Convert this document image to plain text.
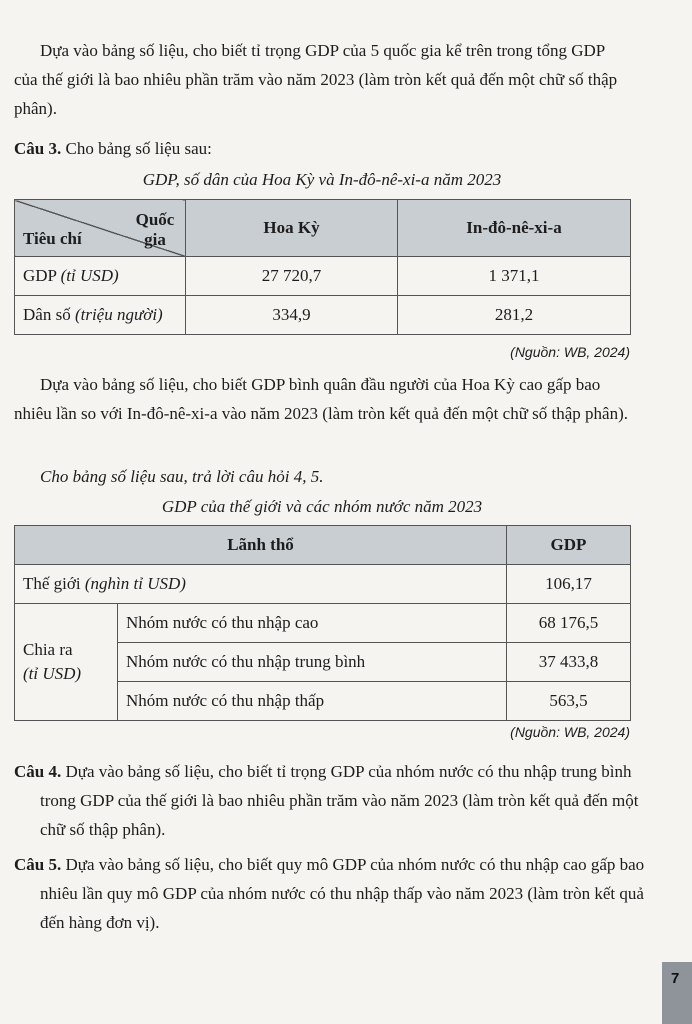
Dựa vào bảng số liệu, cho biết tỉ trọng GDP của 5 quốc gia kể trên trong tổng GDP của thế giới là bao nhiêu phần trăm vào năm 2023 (làm tròn kết quả đến một chữ số thập phân).

Câu 3. Cho bảng số liệu sau:

GDP, số dân của Hoa Kỳ và In-đô-nê-xi-a năm 2023
Quốc gia
Tiêu chí	Hoa Kỳ	In-đô-nê-xi-a
GDP (tỉ USD)	27 720,7	1 371,1
Dân số (triệu người)	334,9	281,2
(Nguồn: WB, 2024)

Dựa vào bảng số liệu, cho biết GDP bình quân đầu người của Hoa Kỳ cao gấp bao nhiêu lần so với In-đô-nê-xi-a vào năm 2023 (làm tròn kết quả đến một chữ số thập phân).

Cho bảng số liệu sau, trả lời câu hỏi 4, 5.

GDP của thế giới và các nhóm nước năm 2023
Lãnh thổ		GDP
Thế giới (nghìn tỉ USD)		106,17
Chia ra
(tỉ USD)	Nhóm nước có thu nhập cao	68 176,5
	Nhóm nước có thu nhập trung bình	37 433,8
	Nhóm nước có thu nhập thấp	563,5
(Nguồn: WB, 2024)

Câu 4. Dựa vào bảng số liệu, cho biết tỉ trọng GDP của nhóm nước có thu nhập trung bình trong GDP của thế giới là bao nhiêu phần trăm vào năm 2023 (làm tròn kết quả đến một chữ số thập phân).

Câu 5. Dựa vào bảng số liệu, cho biết quy mô GDP của nhóm nước có thu nhập cao gấp bao nhiêu lần quy mô GDP của nhóm nước có thu nhập thấp vào năm 2023 (làm tròn kết quả đến hàng đơn vị).

7
